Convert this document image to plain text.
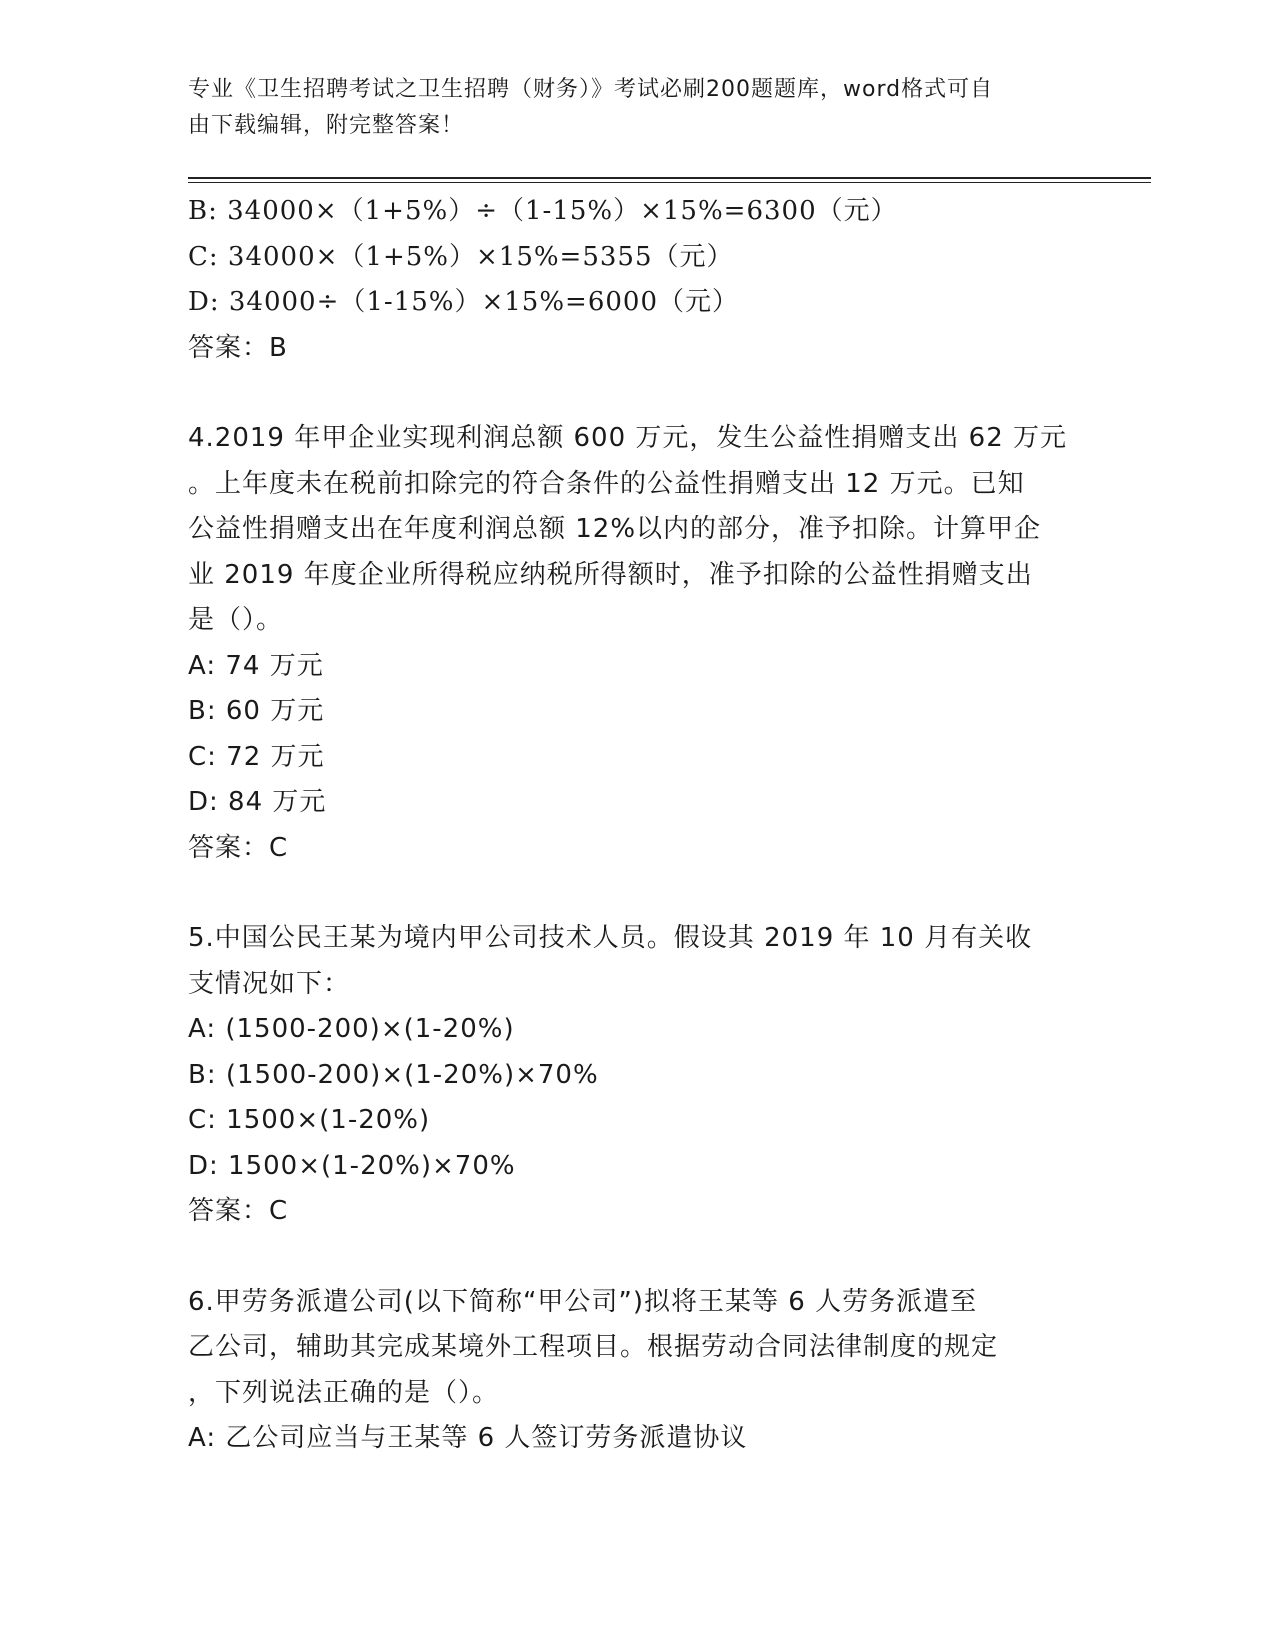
专业《卫生招聘考试之卫生招聘（财务）》考试必刷200题题库，word格式可自
由下载编辑，附完整答案！
B: 34000×（1+5%）÷（1-15%）×15%=6300（元）
C: 34000×（1+5%）×15%=5355（元）
D: 34000÷（1-15%）×15%=6000（元）
答案：B
4.2019 年甲企业实现利润总额 600 万元，发生公益性捐赠支出 62 万元
。上年度未在税前扣除完的符合条件的公益性捐赠支出 12 万元。已知
公益性捐赠支出在年度利润总额 12%以内的部分，准予扣除。计算甲企
业 2019 年度企业所得税应纳税所得额时，准予扣除的公益性捐赠支出
是（）。
A: 74 万元
B: 60 万元
C: 72 万元
D: 84 万元
答案：C
5.中国公民王某为境内甲公司技术人员。假设其 2019 年 10 月有关收
支情况如下：
A: (1500-200)×(1-20%)
B: (1500-200)×(1-20%)×70%
C: 1500×(1-20%)
D: 1500×(1-20%)×70%
答案：C
6.甲劳务派遣公司(以下简称“甲公司”)拟将王某等 6 人劳务派遣至
乙公司，辅助其完成某境外工程项目。根据劳动合同法律制度的规定
，下列说法正确的是（）。
A: 乙公司应当与王某等 6 人签订劳务派遣协议
